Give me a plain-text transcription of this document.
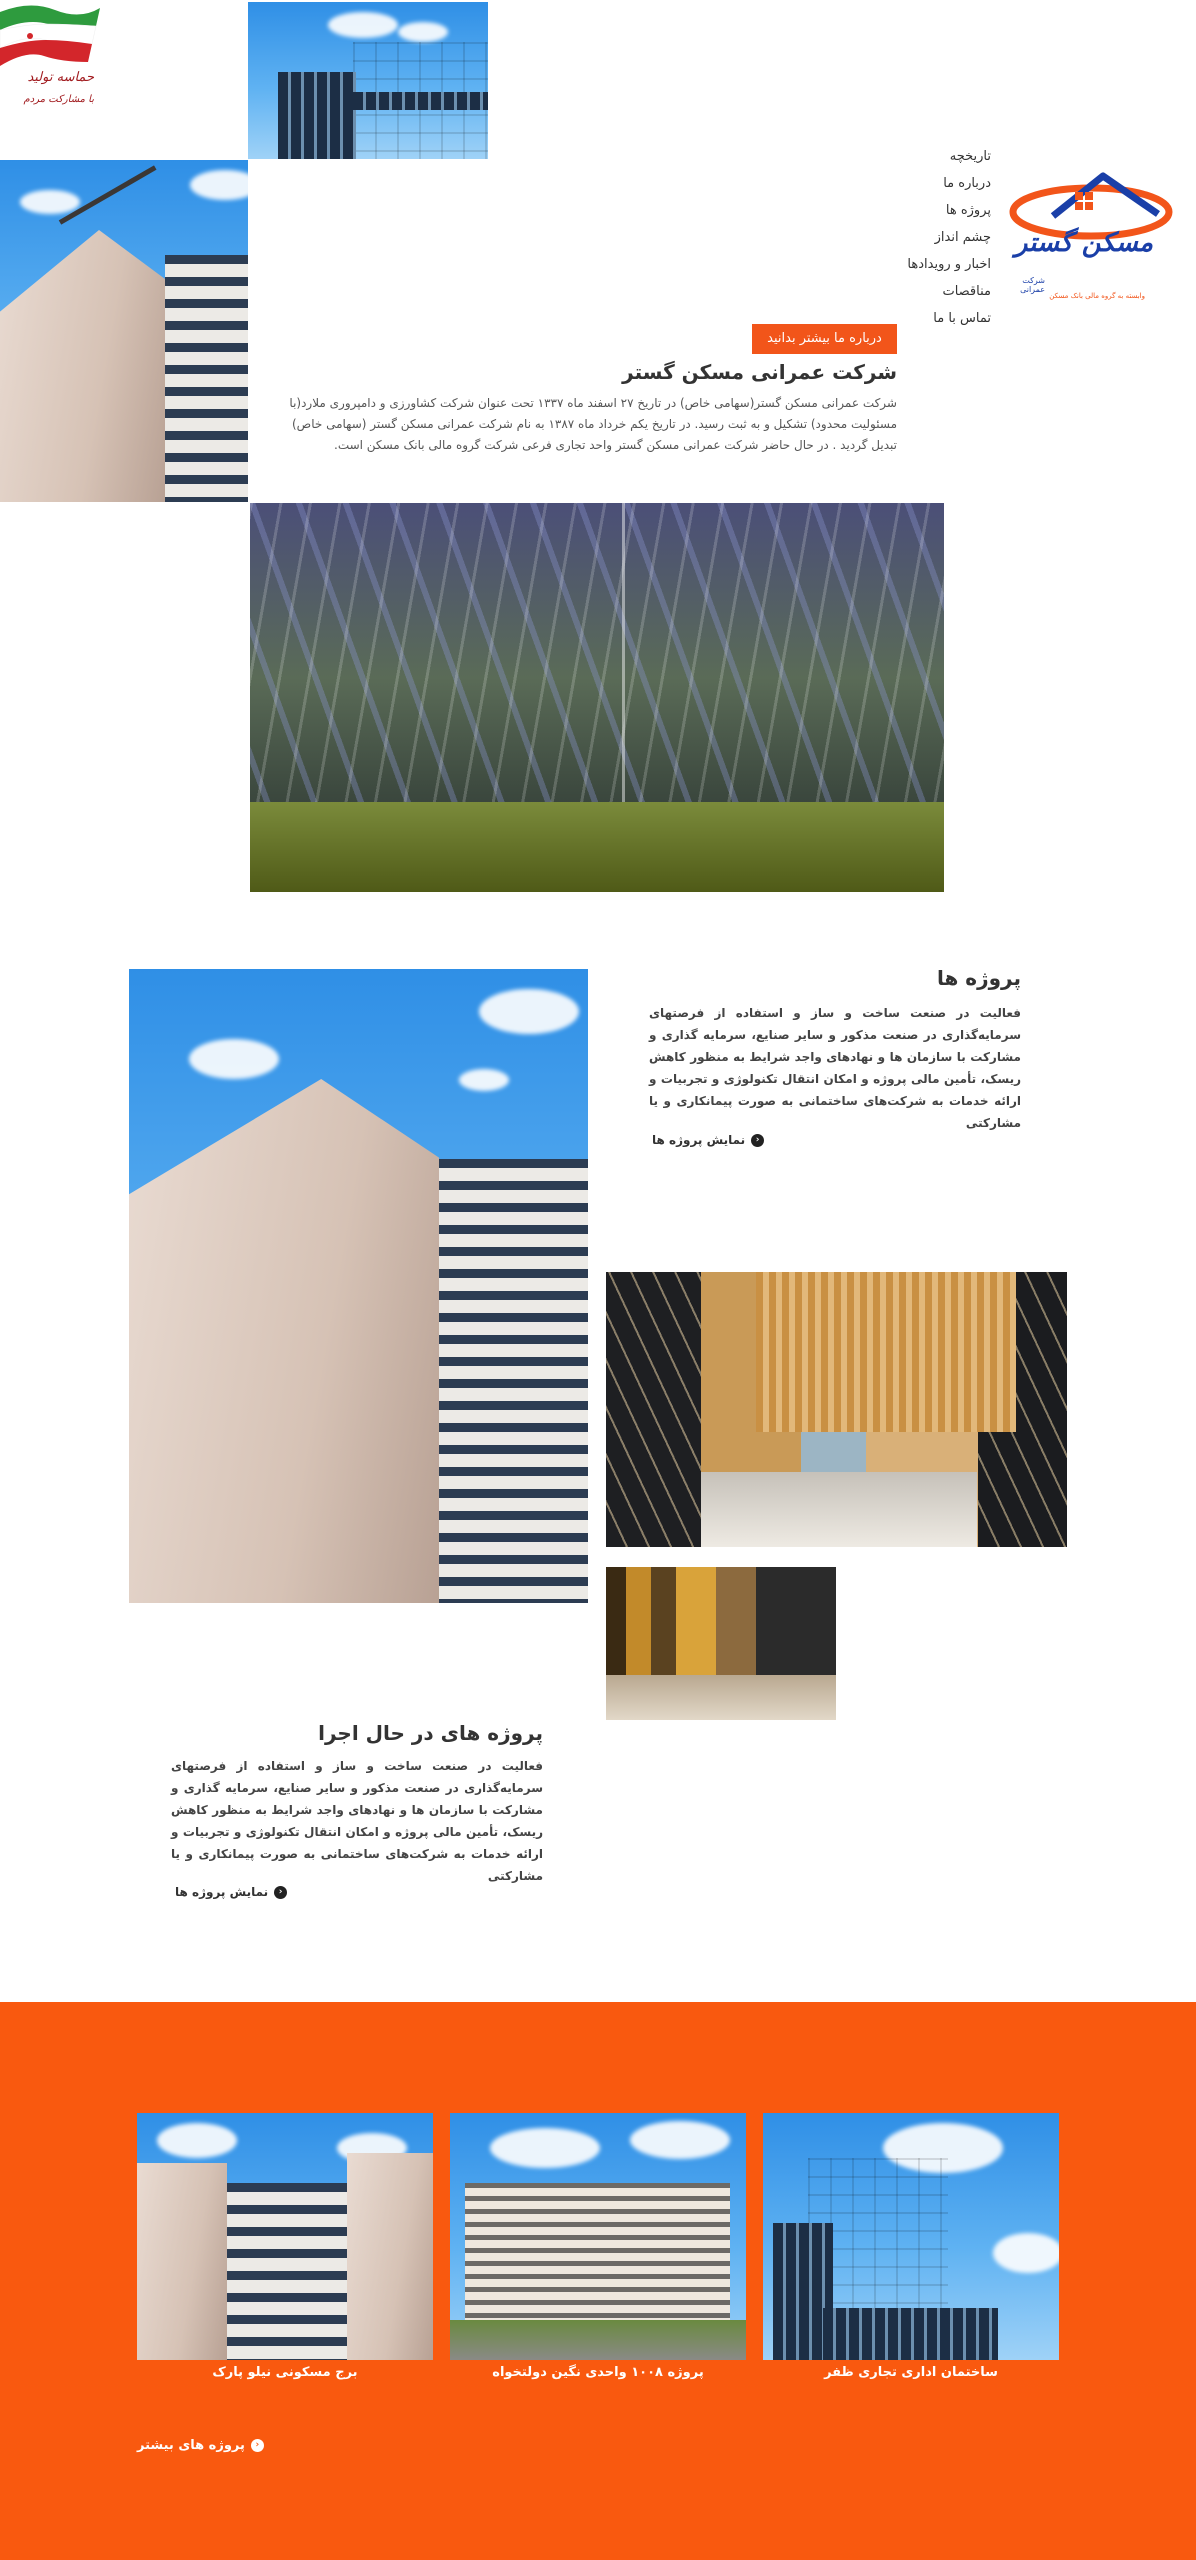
حماسه تولید
با مشارکت مردم
مسکن گستر
شرکت عمرانی
وابسته به گروه مالی بانک مسکن
تاریخچه
درباره ما
پروژه ها
چشم انداز
اخبار و رویدادها
مناقصات
تماس با ما
درباره ما بیشتر بدانید
شرکت عمرانی مسکن گستر

شرکت عمرانی مسکن گستر(سهامی خاص) در تاریخ ۲۷ اسفند ماه ۱۳۳۷ تحت عنوان شرکت کشاورزی و دامپروری ملارد(با مسئولیت محدود) تشکیل و به ثبت رسید. در تاریخ یکم خرداد ماه ۱۳۸۷ به نام شرکت عمرانی مسکن گستر (سهامی خاص) تبدیل گردید . در حال حاضر شرکت عمرانی مسکن گستر واحد تجاری فرعی شرکت گروه مالی بانک مسکن است.

پروژه ها

فعالیت در صنعت ساخت و ساز و استفاده از فرصتهای سرمایه‌گذاری در صنعت مذکور و سایر صنایع، سرمایه گذاری و مشارکت با سازمان ها و نهادهای واجد شرایط به منظور کاهش ریسک، تأمین مالی پروژه و امکان انتقال تکنولوژی و تجربیات و ارائه خدمات به شرکت‌های ساختمانی به صورت پیمانکاری و یا مشارکتی

‹
نمایش پروژه ها
پروژه های در حال اجرا

فعالیت در صنعت ساخت و ساز و استفاده از فرصتهای سرمایه‌گذاری در صنعت مذکور و سایر صنایع، سرمایه گذاری و مشارکت با سازمان ها و نهادهای واجد شرایط به منظور کاهش ریسک، تأمین مالی پروژه و امکان انتقال تکنولوژی و تجربیات و ارائه خدمات به شرکت‌های ساختمانی به صورت پیمانکاری و یا مشارکتی

‹
نمایش پروژه ها
ساختمان اداری تجاری ظفر
پروژه ۱۰۰۸ واحدی نگین دولتخواه
برج مسکونی نیلو پارک
‹
پروژه های بیشتر
